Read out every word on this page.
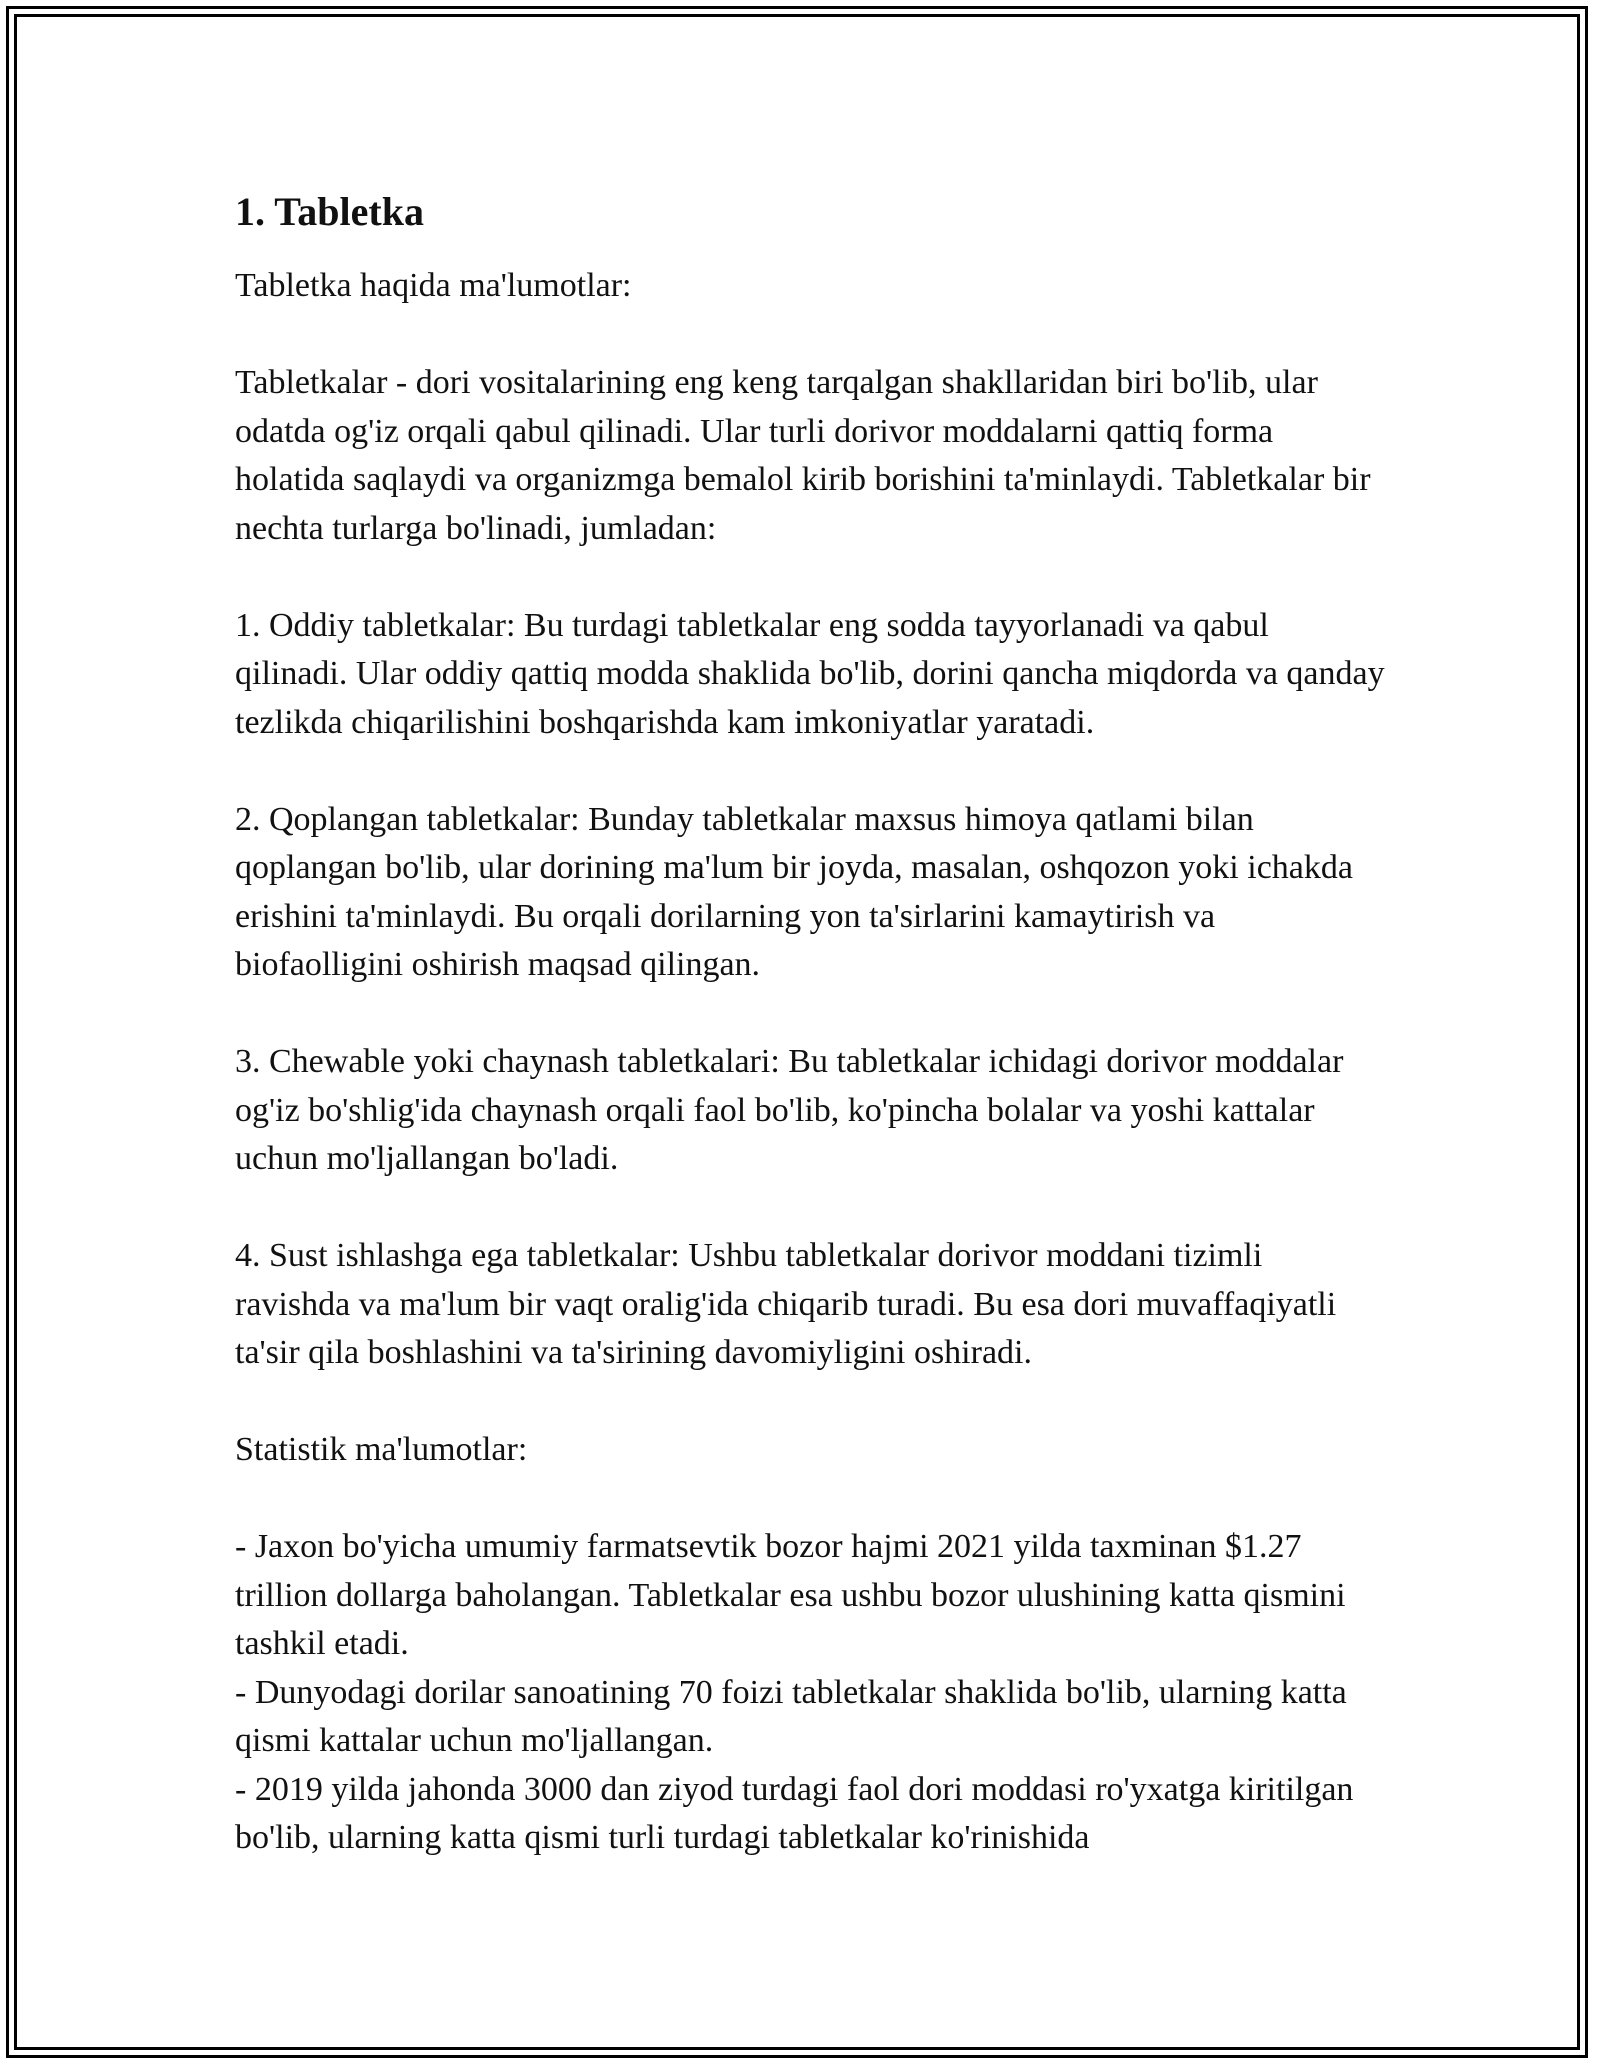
1. Tabletka

Tabletka haqida ma'lumotlar:

Tabletkalar - dori vositalarining eng keng tarqalgan shakllaridan biri bo'lib, ular odatda og'iz orqali qabul qilinadi. Ular turli dorivor moddalarni qattiq forma holatida saqlaydi va organizmga bemalol kirib borishini ta'minlaydi. Tabletkalar bir nechta turlarga bo'linadi, jumladan:

1. Oddiy tabletkalar: Bu turdagi tabletkalar eng sodda tayyorlanadi va qabul qilinadi. Ular oddiy qattiq modda shaklida bo'lib, dorini qancha miqdorda va qanday tezlikda chiqarilishini boshqarishda kam imkoniyatlar yaratadi.

2. Qoplangan tabletkalar: Bunday tabletkalar maxsus himoya qatlami bilan qoplangan bo'lib, ular dorining ma'lum bir joyda, masalan, oshqozon yoki ichakda erishini ta'minlaydi. Bu orqali dorilarning yon ta'sirlarini kamaytirish va biofaolligini oshirish maqsad qilingan.

3. Chewable yoki chaynash tabletkalari: Bu tabletkalar ichidagi dorivor moddalar og'iz bo'shlig'ida chaynash orqali faol bo'lib, ko'pincha bolalar va yoshi kattalar uchun mo'ljallangan bo'ladi.

4. Sust ishlashga ega tabletkalar: Ushbu tabletkalar dorivor moddani tizimli ravishda va ma'lum bir vaqt oralig'ida chiqarib turadi. Bu esa dori muvaffaqiyatli ta'sir qila boshlashini va ta'sirining davomiyligini oshiradi.

Statistik ma'lumotlar:

- Jaxon bo'yicha umumiy farmatsevtik bozor hajmi 2021 yilda taxminan $1.27 trillion dollarga baholangan. Tabletkalar esa ushbu bozor ulushining katta qismini tashkil etadi.
- Dunyodagi dorilar sanoatining 70 foizi tabletkalar shaklida bo'lib, ularning katta qismi kattalar uchun mo'ljallangan.
- 2019 yilda jahonda 3000 dan ziyod turdagi faol dori moddasi ro'yxatga kiritilgan bo'lib, ularning katta qismi turli turdagi tabletkalar ko'rinishida
